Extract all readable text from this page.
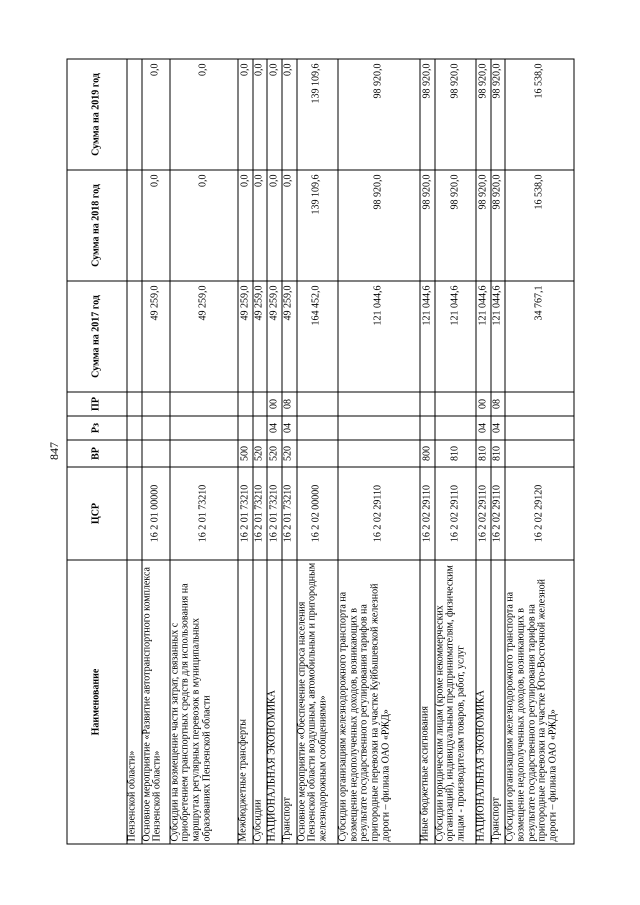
847
Наименование	ЦСР	ВР	Рз	ПР	Сумма на 2017 год	Сумма на 2018 год	Сумма на 2019 год
Пензенской области»							
Основное мероприятие «Развитие автотранспортного комплекса Пензенской области»	16 2 01 00000				49 259,0	0,0	0,0
Субсидии на возмещение части затрат, связанных с приобретением транспортных средств для использования на маршрутах регулярных перевозок в муниципальных образованиях Пензенской области	16 2 01 73210				49 259,0	0,0	0,0
Межбюджетные трансферты	16 2 01 73210	500			49 259,0	0,0	0,0
Субсидии	16 2 01 73210	520			49 259,0	0,0	0,0
НАЦИОНАЛЬНАЯ ЭКОНОМИКА	16 2 01 73210	520	04	00	49 259,0	0,0	0,0
Транспорт	16 2 01 73210	520	04	08	49 259,0	0,0	0,0
Основное мероприятие «Обеспечение спроса населения Пензенской области воздушным, автомобильным и пригородным железнодорожным сообщениями»	16 2 02 00000				164 452,0	139 109,6	139 109,6
Субсидии организациям железнодорожного транспорта на возмещение недополученных доходов, возникающих в результате государственного регулирования тарифов на пригородные перевозки на участке Куйбышевской железной дороги – филиала ОАО «РЖД»	16 2 02 29110				121 044,6	98 920,0	98 920,0
Иные бюджетные ассигнования	16 2 02 29110	800			121 044,6	98 920,0	98 920,0
Субсидии юридическим лицам (кроме некоммерческих организаций), индивидуальным предпринимателям, физическим лицам - производителям товаров, работ, услуг	16 2 02 29110	810			121 044,6	98 920,0	98 920,0
НАЦИОНАЛЬНАЯ ЭКОНОМИКА	16 2 02 29110	810	04	00	121 044,6	98 920,0	98 920,0
Транспорт	16 2 02 29110	810	04	08	121 044,6	98 920,0	98 920,0
Субсидии организациям железнодорожного транспорта на возмещение недополученных доходов, возникающих в результате государственного регулирования тарифов на пригородные перевозки на участке Юго-Восточной железной дороги – филиала ОАО «РЖД»	16 2 02 29120				34 767,1	16 538,0	16 538,0
